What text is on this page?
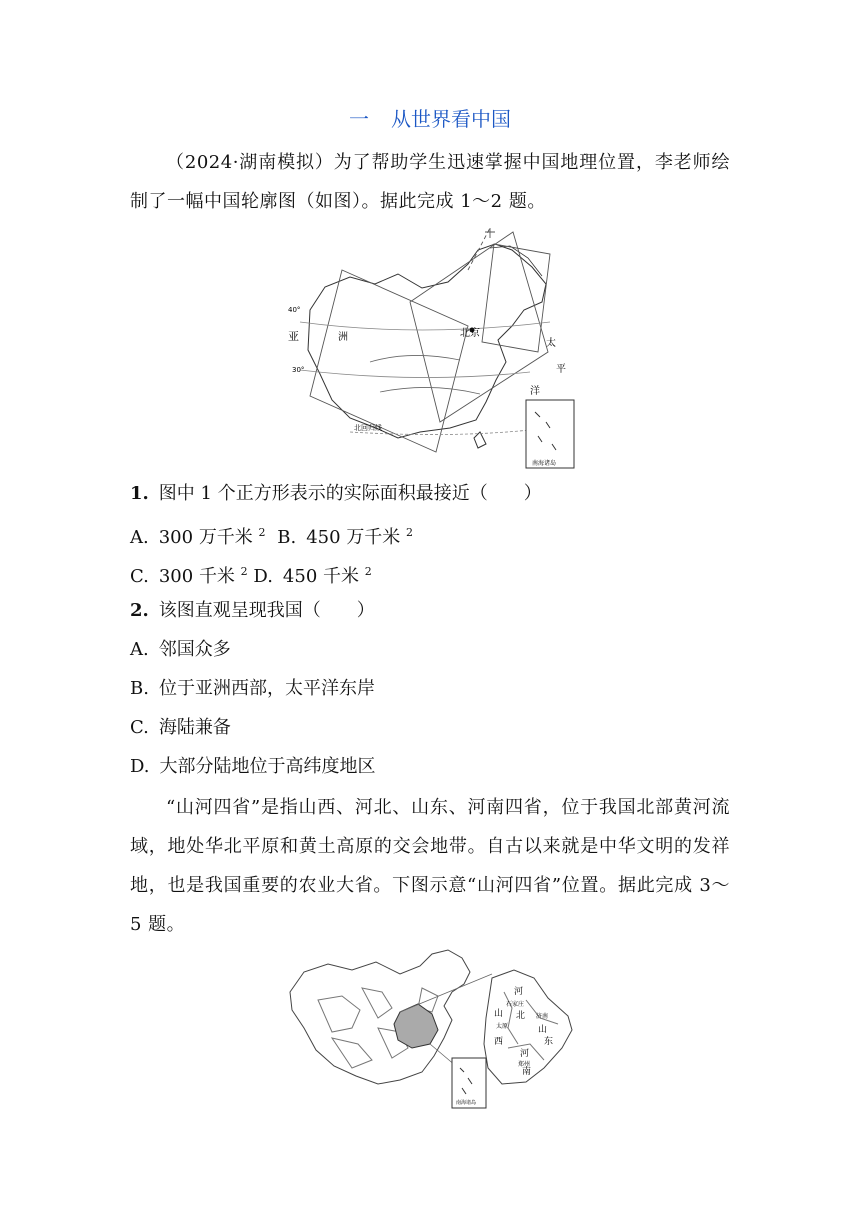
一 从世界看中国
（2024·湖南模拟）为了帮助学生迅速掌握中国地理位置，李老师绘制了一幅中国轮廓图（如图）。据此完成 1～2 题。
亚	洲	北京
太
平
洋
40°
30°
北回归线
南海诸岛
1. 图中 1 个正方形表示的实际面积最接近（　　）
A. 300 万千米 $^2$ B. 450 万千米 $^2$
C. 300 千米 $^2$ D. 450 千米 $^2$
2. 该图直观呈现我国（　　）
A. 邻国众多
B. 位于亚洲西部，太平洋东岸
C. 海陆兼备
D. 大部分陆地位于高纬度地区
“山河四省”是指山西、河北、山东、河南四省，位于我国北部黄河流域，地处华北平原和黄土高原的交会地带。自古以来就是中华文明的发祥地，也是我国重要的农业大省。下图示意“山河四省”位置。据此完成 3～5 题。
河
北
山
西
山
东
河
南
石家庄
太原
济南
郑州
南海诸岛
